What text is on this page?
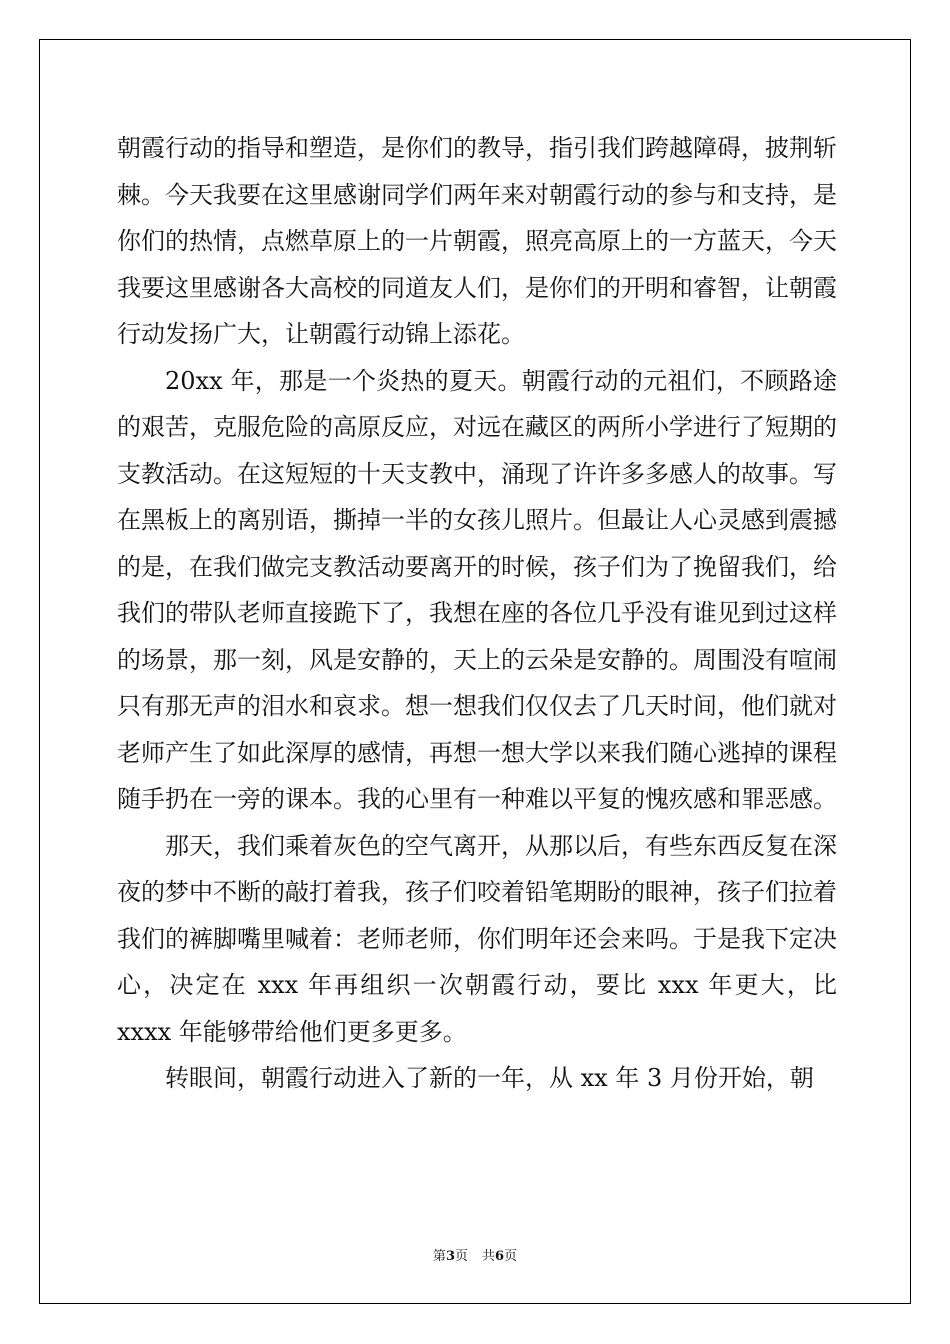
朝霞行动的指导和塑造，是你们的教导，指引我们跨越障碍，披荆斩棘。今天我要在这里感谢同学们两年来对朝霞行动的参与和支持，是你们的热情，点燃草原上的一片朝霞，照亮高原上的一方蓝天，今天我要这里感谢各大高校的同道友人们，是你们的开明和睿智，让朝霞行动发扬广大，让朝霞行动锦上添花。

20xx 年，那是一个炎热的夏天。朝霞行动的元祖们，不顾路途的艰苦，克服危险的高原反应，对远在藏区的两所小学进行了短期的支教活动。在这短短的十天支教中，涌现了许许多多感人的故事。写在黑板上的离别语，撕掉一半的女孩儿照片。但最让人心灵感到震撼的是，在我们做完支教活动要离开的时候，孩子们为了挽留我们，给我们的带队老师直接跪下了，我想在座的各位几乎没有谁见到过这样的场景，那一刻，风是安静的，天上的云朵是安静的。周围没有喧闹只有那无声的泪水和哀求。想一想我们仅仅去了几天时间，他们就对老师产生了如此深厚的感情，再想一想大学以来我们随心逃掉的课程随手扔在一旁的课本。我的心里有一种难以平复的愧疚感和罪恶感。

那天，我们乘着灰色的空气离开，从那以后，有些东西反复在深夜的梦中不断的敲打着我，孩子们咬着铅笔期盼的眼神，孩子们拉着我们的裤脚嘴里喊着：老师老师，你们明年还会来吗。于是我下定决心，决定在 xxx 年再组织一次朝霞行动，要比 xxx 年更大，比 xxxx 年能够带给他们更多更多。

转眼间，朝霞行动进入了新的一年，从 xx 年 3 月份开始，朝

第3页 共6页
